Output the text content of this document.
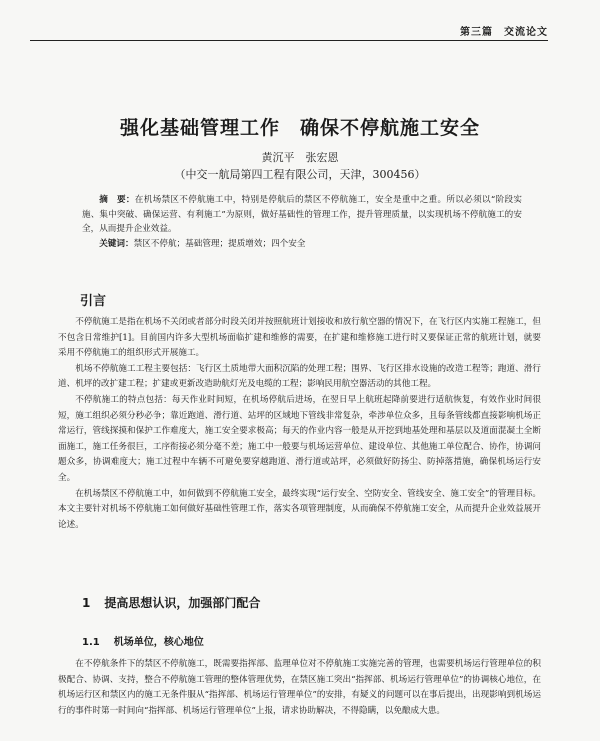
第三篇　交流论文
强化基础管理工作　确保不停航施工安全
黄沉平　张宏恩
（中交一航局第四工程有限公司，天津，300456）
摘　要：在机场禁区不停航施工中，特别是停航后的禁区不停航施工，安全是重中之重。所以必须以“阶段实施、集中突破、确保运营、有利施工”为原则，做好基础性的管理工作，提升管理质量，以实现机场不停航施工的安全，从而提升企业效益。
关键词：禁区不停航；基础管理；提质增效；四个安全
引言

不停航施工是指在机场不关闭或者部分时段关闭并按照航班计划接收和放行航空器的情况下，在飞行区内实施工程施工，但不包含日常维护[1]。目前国内许多大型机场面临扩建和维修的需要，在扩建和维修施工进行时又要保证正常的航班计划，就要采用不停航施工的组织形式开展施工。

机场不停航施工工程主要包括：飞行区土质地带大面积沉陷的处理工程；围界、飞行区排水设施的改造工程等；跑道、滑行道、机坪的改扩建工程；扩建或更新改造助航灯光及电缆的工程；影响民用航空器活动的其他工程。

不停航施工的特点包括：每天作业时间短，在机场停航后进场，在翌日早上航班起降前要进行适航恢复，有效作业时间很短，施工组织必须分秒必争；靠近跑道、滑行道、站坪的区域地下管线非常复杂，牵涉单位众多，且每条管线都直接影响机场正常运行，管线探摸和保护工作难度大，施工安全要求极高；每天的作业内容一般是从开挖到地基处理和基层以及道面混凝土全断面施工，施工任务很巨，工序衔接必须分毫不差；施工中一般要与机场运营单位、建设单位、其他施工单位配合、协作，协调问题众多，协调难度大；施工过程中车辆不可避免要穿越跑道、滑行道或站坪，必须做好防扬尘、防掉落措施，确保机场运行安全。

在机场禁区不停航施工中，如何做到不停航施工安全，最终实现“运行安全、空防安全、管线安全、施工安全”的管理目标。本文主要针对机场不停航施工如何做好基础性管理工作，落实各项管理制度，从而确保不停航施工安全，从而提升企业效益展开论述。

1 提高思想认识，加强部门配合
1.1 机场单位，核心地位

在不停航条件下的禁区不停航施工，既需要指挥部、监理单位对不停航施工实施完善的管理，也需要机场运行管理单位的积极配合、协调、支持，整合不停航施工管理的整体管理优势，在禁区施工突出“指挥部、机场运行管理单位”的协调核心地位，在机场运行区和禁区内的施工无条件服从“指挥部、机场运行管理单位”的安排，有疑义的问题可以在事后提出，出现影响到机场运行的事件时第一时间向“指挥部、机场运行管理单位”上报，请求协助解决，不得隐瞒，以免酿成大患。
